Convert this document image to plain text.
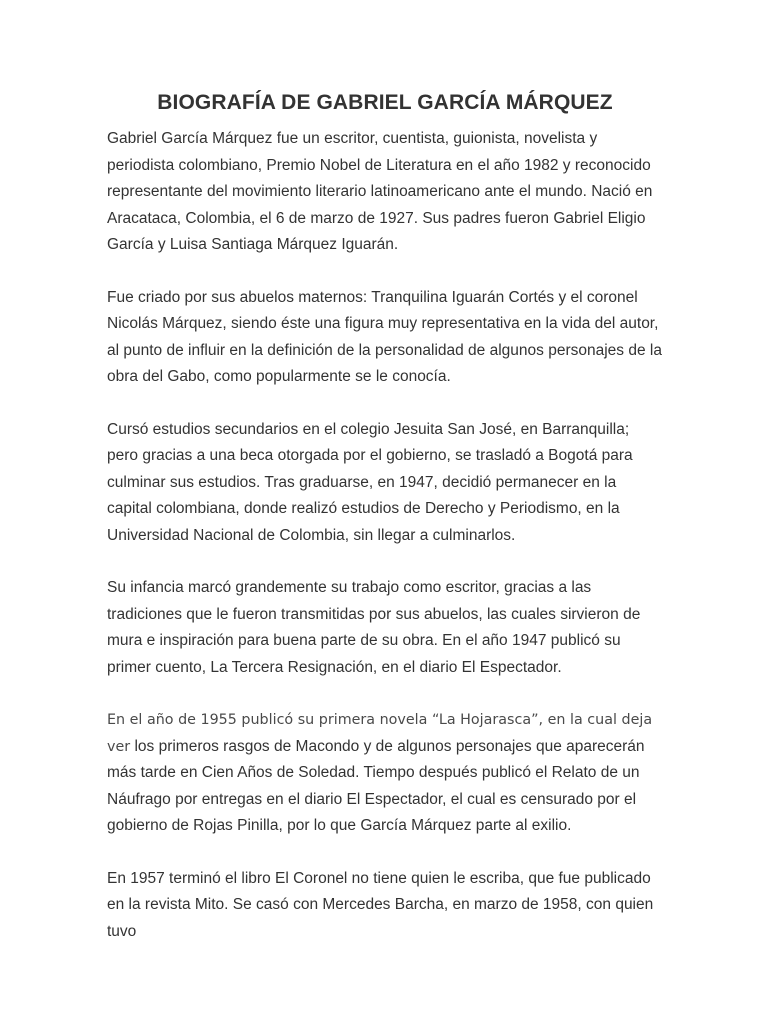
BIOGRAFÍA DE GABRIEL GARCÍA MÁRQUEZ

Gabriel García Márquez fue un escritor, cuentista, guionista, novelista y periodista colombiano, Premio Nobel de Literatura en el año 1982 y reconocido representante del movimiento literario latinoamericano ante el mundo. Nació en Aracataca, Colombia, el 6 de marzo de 1927. Sus padres fueron Gabriel Eligio García y Luisa Santiaga Márquez Iguarán.

Fue criado por sus abuelos maternos: Tranquilina Iguarán Cortés y el coronel Nicolás Márquez, siendo éste una figura muy representativa en la vida del autor, al punto de influir en la definición de la personalidad de algunos personajes de la obra del Gabo, como popularmente se le conocía.

Cursó estudios secundarios en el colegio Jesuita San José, en Barranquilla; pero gracias a una beca otorgada por el gobierno, se trasladó a Bogotá para culminar sus estudios. Tras graduarse, en 1947, decidió permanecer en la capital colombiana, donde realizó estudios de Derecho y Periodismo, en la Universidad Nacional de Colombia, sin llegar a culminarlos.

Su infancia marcó grandemente su trabajo como escritor, gracias a las tradiciones que le fueron transmitidas por sus abuelos, las cuales sirvieron de mura e inspiración para buena parte de su obra. En el año 1947 publicó su primer cuento, La Tercera Resignación, en el diario El Espectador.

En el año de 1955 publicó su primera novela “La Hojarasca”, en la cual deja ver los primeros rasgos de Macondo y de algunos personajes que aparecerán más tarde en Cien Años de Soledad. Tiempo después publicó el Relato de un Náufrago por entregas en el diario El Espectador, el cual es censurado por el gobierno de Rojas Pinilla, por lo que García Márquez parte al exilio.

En 1957 terminó el libro El Coronel no tiene quien le escriba, que fue publicado en la revista Mito. Se casó con Mercedes Barcha, en marzo de 1958, con quien tuvo
